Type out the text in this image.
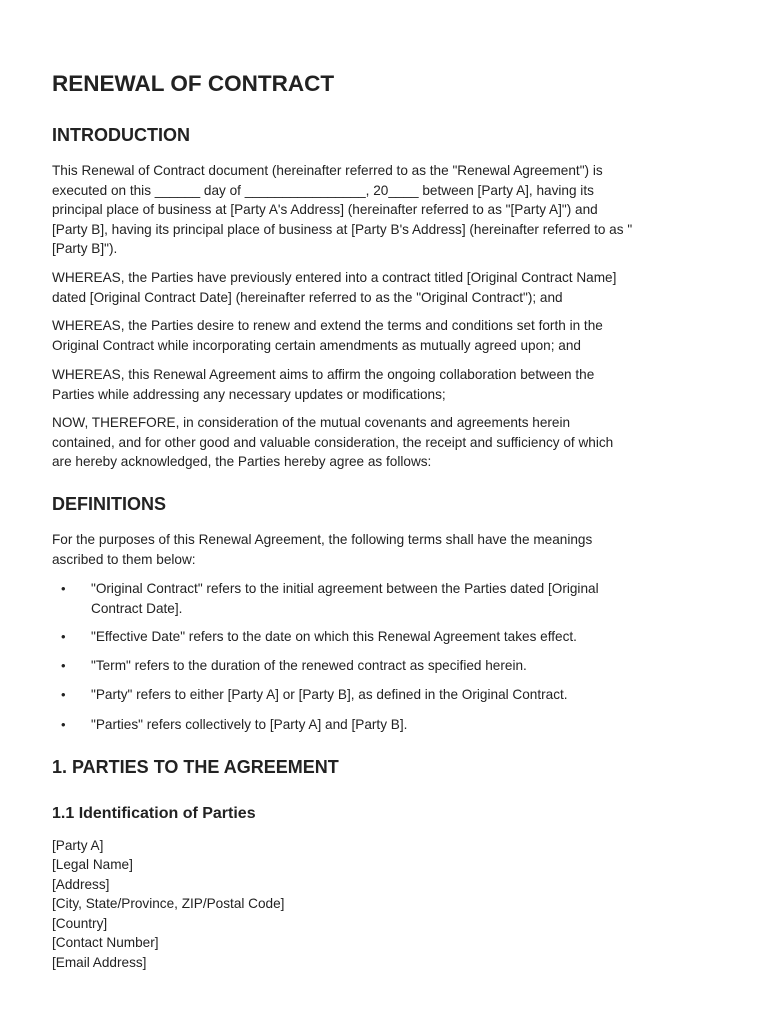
RENEWAL OF CONTRACT
INTRODUCTION

This Renewal of Contract document (hereinafter referred to as the "Renewal Agreement") is
executed on this ______ day of ________________, 20____ between [Party A], having its
principal place of business at [Party A's Address] (hereinafter referred to as "[Party A]") and
[Party B], having its principal place of business at [Party B's Address] (hereinafter referred to as "
[Party B]").

WHEREAS, the Parties have previously entered into a contract titled [Original Contract Name]
dated [Original Contract Date] (hereinafter referred to as the "Original Contract"); and

WHEREAS, the Parties desire to renew and extend the terms and conditions set forth in the
Original Contract while incorporating certain amendments as mutually agreed upon; and

WHEREAS, this Renewal Agreement aims to affirm the ongoing collaboration between the
Parties while addressing any necessary updates or modifications;

NOW, THEREFORE, in consideration of the mutual covenants and agreements herein
contained, and for other good and valuable consideration, the receipt and sufficiency of which
are hereby acknowledged, the Parties hereby agree as follows:

DEFINITIONS

For the purposes of this Renewal Agreement, the following terms shall have the meanings
ascribed to them below:

• "Original Contract" refers to the initial agreement between the Parties dated [Original
Contract Date].
• "Effective Date" refers to the date on which this Renewal Agreement takes effect.
• "Term" refers to the duration of the renewed contract as specified herein.
• "Party" refers to either [Party A] or [Party B], as defined in the Original Contract.
• "Parties" refers collectively to [Party A] and [Party B].
1. PARTIES TO THE AGREEMENT
1.1 Identification of Parties
[Party A]
[Legal Name]
[Address]
[City, State/Province, ZIP/Postal Code]
[Country]
[Contact Number]
[Email Address]
